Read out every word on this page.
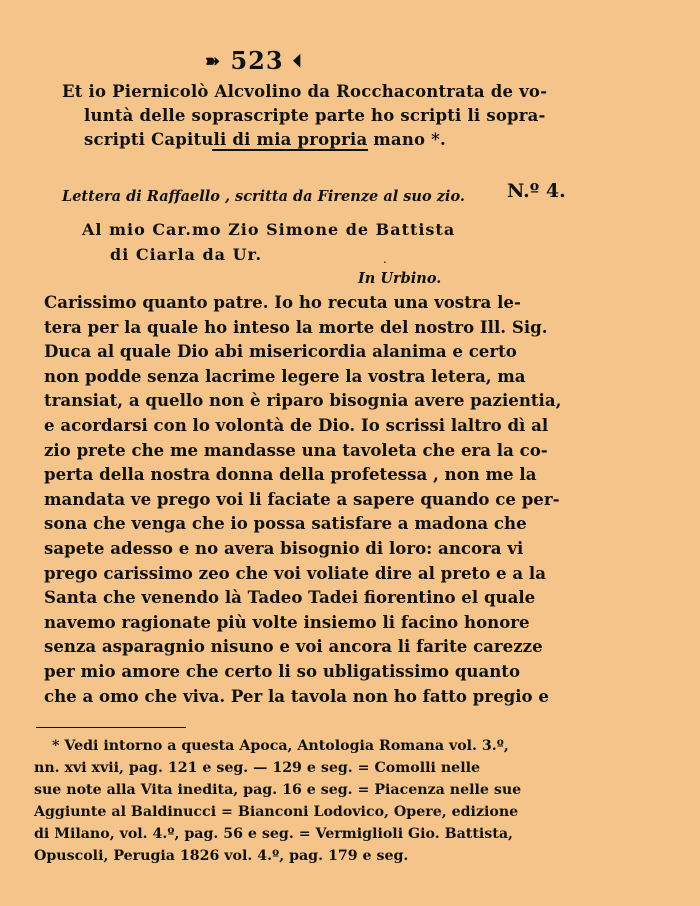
➽ 523 ⏴
Et io Piernicolò Alcvolino da Rocchacontrata de vo-
luntà delle soprascripte parte ho scripti li sopra-
scripti Capituli di mia propria mano *.
Lettera di Raffaello , scritta da Firenze al suo zio. N.º 4.
Al mio Car.mo Zio Simone de Battista
di Ciarla da Ur.	.
In Urbino.
Carissimo quanto patre. Io ho recuta una vostra le-
tera per la quale ho inteso la morte del nostro Ill. Sig.
Duca al quale Dio abi misericordia alanima e certo
non podde senza lacrime legere la vostra letera, ma
transiat, a quello non è riparo bisognia avere pazientia,
e acordarsi con lo volontà de Dio. Io scrissi laltro dì al
zio prete che me mandasse una tavoleta che era la co-
perta della nostra donna della profetessa , non me la
mandata ve prego voi li faciate a sapere quando ce per-
sona che venga che io possa satisfare a madona che
sapete adesso e no avera bisognio di loro: ancora vi
prego carissimo zeo che voi voliate dire al preto e a la
Santa che venendo là Tadeo Tadei fiorentino el quale
navemo ragionate più volte insiemo li facino honore
senza asparagnio nisuno e voi ancora li farite carezze
per mio amore che certo li so ubligatissimo quanto
che a omo che viva. Per la tavola non ho fatto pregio e
* Vedi intorno a questa Apoca, Antologia Romana vol. 3.º,
nn. xvi xvii, pag. 121 e seg. — 129 e seg. = Comolli nelle
sue note alla Vita inedita, pag. 16 e seg. = Piacenza nelle sue
Aggiunte al Baldinucci = Bianconi Lodovico, Opere, edizione
di Milano, vol. 4.º, pag. 56 e seg. = Vermiglioli Gio. Battista,
Opuscoli, Perugia 1826 vol. 4.º, pag. 179 e seg.
